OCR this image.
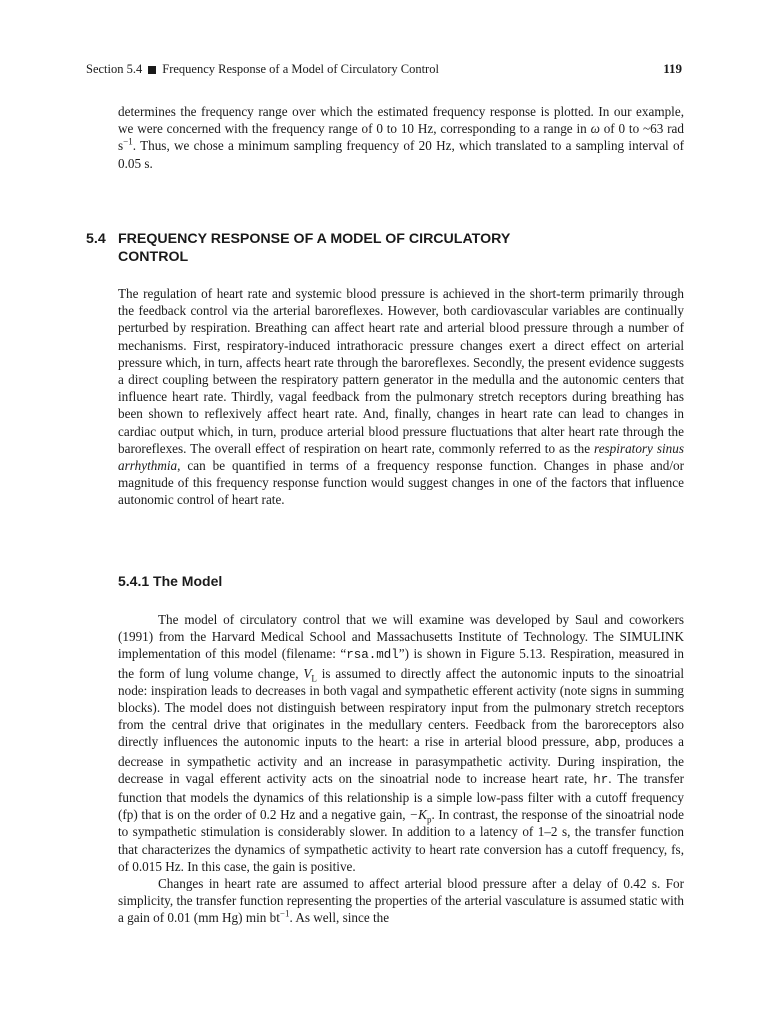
Section 5.4 Frequency Response of a Model of Circulatory Control	119

determines the frequency range over which the estimated frequency response is plotted. In our example, we were concerned with the frequency range of 0 to 10 Hz, corresponding to a range in ω of 0 to ~63 rad $s^{-1}$. Thus, we chose a minimum sampling frequency of 20 Hz, which translated to a sampling interval of 0.05 s.

5.4 FREQUENCY RESPONSE OF A MODEL OF CIRCULATORY
CONTROL

The regulation of heart rate and systemic blood pressure is achieved in the short-term primarily through the feedback control via the arterial baroreflexes. However, both cardiovascular variables are continually perturbed by respiration. Breathing can affect heart rate and arterial blood pressure through a number of mechanisms. First, respiratory-induced intrathoracic pressure changes exert a direct effect on arterial pressure which, in turn, affects heart rate through the baroreflexes. Secondly, the present evidence suggests a direct coupling between the respiratory pattern generator in the medulla and the autonomic centers that influence heart rate. Thirdly, vagal feedback from the pulmonary stretch receptors during breathing has been shown to reflexively affect heart rate. And, finally, changes in heart rate can lead to changes in cardiac output which, in turn, produce arterial blood pressure fluctuations that alter heart rate through the baroreflexes. The overall effect of respiration on heart rate, commonly referred to as the respiratory sinus arrhythmia, can be quantified in terms of a frequency response function. Changes in phase and/or magnitude of this frequency response function would suggest changes in one of the factors that influence autonomic control of heart rate.

5.4.1 The Model

The model of circulatory control that we will examine was developed by Saul and coworkers (1991) from the Harvard Medical School and Massachusetts Institute of Technology. The SIMULINK implementation of this model (filename: “rsa.mdl”) is shown in Figure 5.13. Respiration, measured in the form of lung volume change, $V_L$ is assumed to directly affect the autonomic inputs to the sinoatrial node: inspiration leads to decreases in both vagal and sympathetic efferent activity (note signs in summing blocks). The model does not distinguish between respiratory input from the pulmonary stretch receptors from the central drive that originates in the medullary centers. Feedback from the baroreceptors also directly influences the autonomic inputs to the heart: a rise in arterial blood pressure, abp, produces a decrease in sympathetic activity and an increase in parasympathetic activity. During inspiration, the decrease in vagal efferent activity acts on the sinoatrial node to increase heart rate, hr. The transfer function that models the dynamics of this relationship is a simple low-pass filter with a cutoff frequency (fp) that is on the order of 0.2 Hz and a negative gain, $-K_p$. In contrast, the response of the sinoatrial node to sympathetic stimulation is considerably slower. In addition to a latency of 1–2 s, the transfer function that characterizes the dynamics of sympathetic activity to heart rate conversion has a cutoff frequency, fs, of 0.015 Hz. In this case, the gain is positive.

Changes in heart rate are assumed to affect arterial blood pressure after a delay of 0.42 s. For simplicity, the transfer function representing the properties of the arterial vasculature is assumed static with a gain of 0.01 (mm Hg) $\min bt^{-1}$. As well, since the
